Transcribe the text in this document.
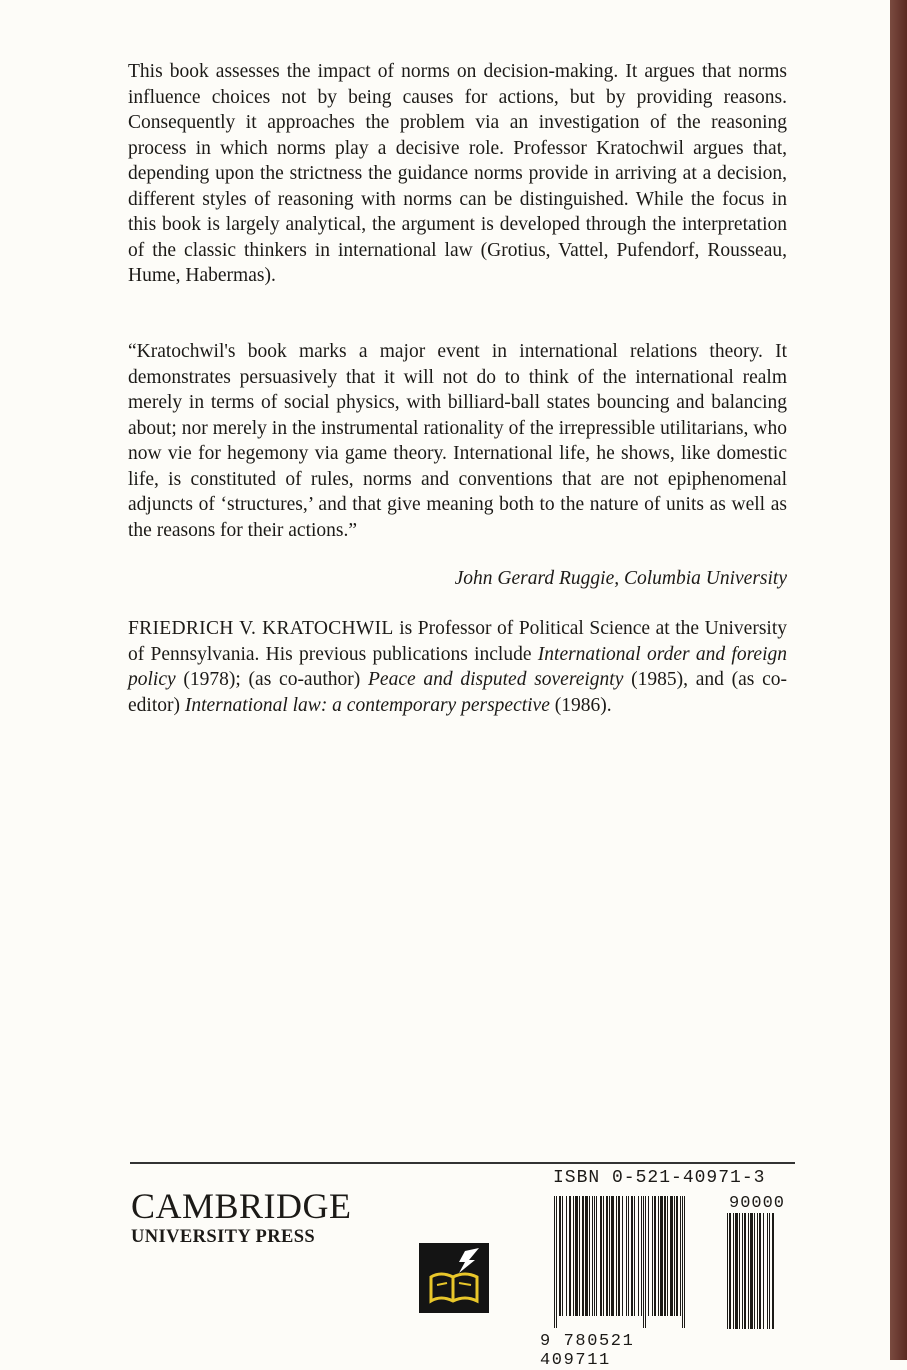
This book assesses the impact of norms on decision-making. It argues that norms influence choices not by being causes for actions, but by providing reasons. Consequently it approaches the problem via an investigation of the reasoning process in which norms play a decisive role. Professor Kratochwil argues that, depending upon the strictness the guidance norms provide in arriving at a decision, different styles of reasoning with norms can be distinguished. While the focus in this book is largely analytical, the argument is developed through the interpretation of the classic thinkers in international law (Grotius, Vattel, Pufendorf, Rousseau, Hume, Habermas).

“Kratochwil's book marks a major event in international relations theory. It demonstrates persuasively that it will not do to think of the international realm merely in terms of social physics, with billiard-ball states bouncing and balancing about; nor merely in the instrumental rationality of the irrepressible utilitarians, who now vie for hegemony via game theory. International life, he shows, like domestic life, is constituted of rules, norms and conventions that are not epiphenomenal adjuncts of ‘structures,’ and that give meaning both to the nature of units as well as the reasons for their actions.”

John Gerard Ruggie, Columbia University

FRIEDRICH V. KRATOCHWIL is Professor of Political Science at the University of Pennsylvania. His previous publications include International order and foreign policy (1978); (as co-author) Peace and disputed sovereignty (1985), and (as co-editor) International law: a contemporary perspective (1986).

CAMBRIDGE
UNIVERSITY PRESS
ISBN 0-521-40971-3
90000
9 780521 409711
